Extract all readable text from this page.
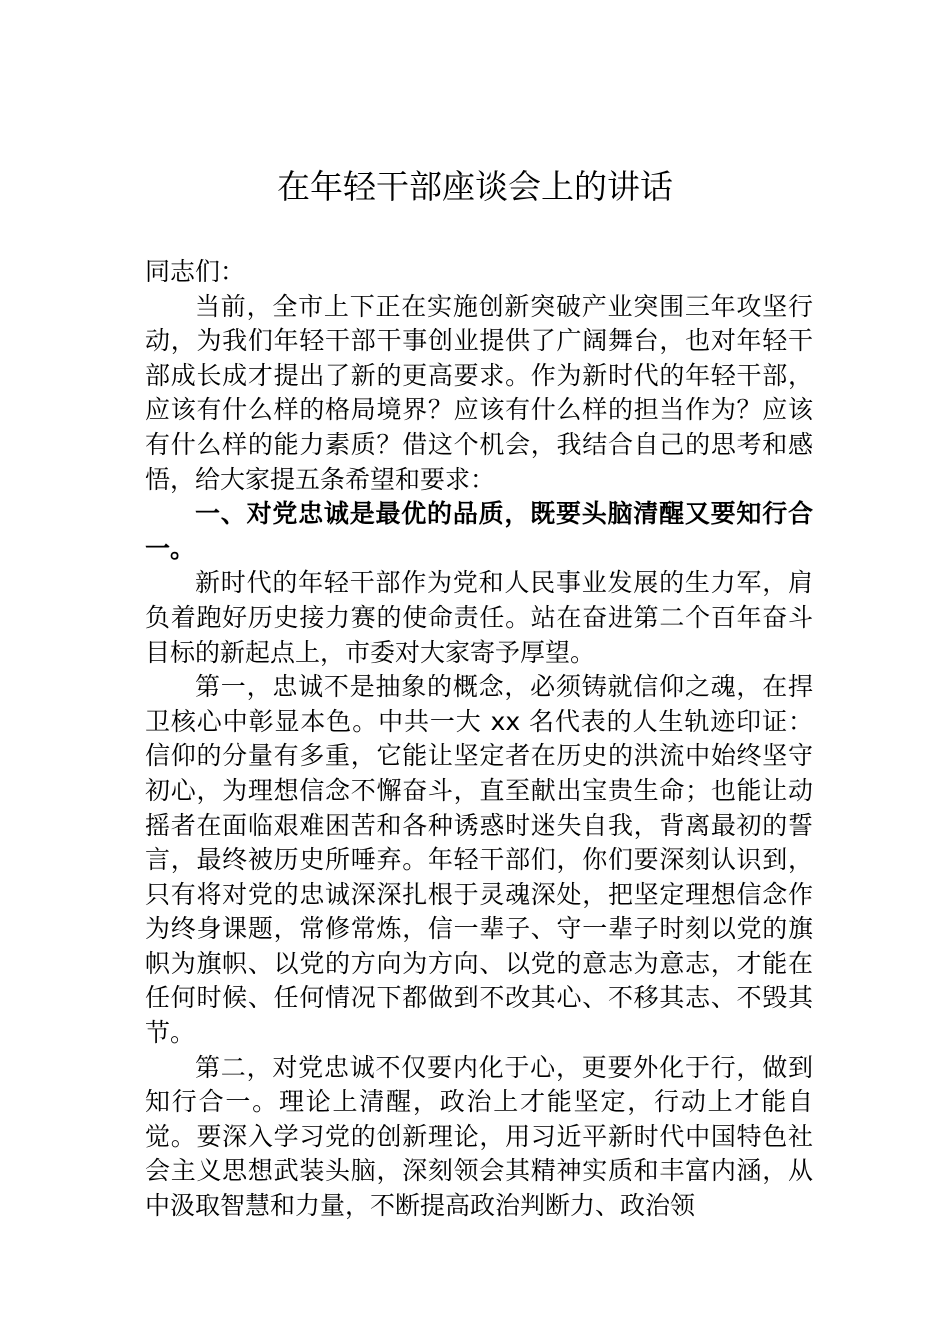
在年轻干部座谈会上的讲话

同志们：

当前，全市上下正在实施创新突破产业突围三年攻坚行动，为我们年轻干部干事创业提供了广阔舞台，也对年轻干部成长成才提出了新的更高要求。作为新时代的年轻干部，应该有什么样的格局境界？应该有什么样的担当作为？应该有什么样的能力素质？借这个机会，我结合自己的思考和感悟，给大家提五条希望和要求：

一、对党忠诚是最优的品质，既要头脑清醒又要知行合一。

新时代的年轻干部作为党和人民事业发展的生力军，肩负着跑好历史接力赛的使命责任。站在奋进第二个百年奋斗目标的新起点上，市委对大家寄予厚望。

第一，忠诚不是抽象的概念，必须铸就信仰之魂，在捍卫核心中彰显本色。中共一大 xx 名代表的人生轨迹印证：信仰的分量有多重，它能让坚定者在历史的洪流中始终坚守初心，为理想信念不懈奋斗，直至献出宝贵生命；也能让动摇者在面临艰难困苦和各种诱惑时迷失自我，背离最初的誓言，最终被历史所唾弃。年轻干部们，你们要深刻认识到，只有将对党的忠诚深深扎根于灵魂深处，把坚定理想信念作为终身课题，常修常炼，信一辈子、守一辈子时刻以党的旗帜为旗帜、以党的方向为方向、以党的意志为意志，才能在任何时候、任何情况下都做到不改其心、不移其志、不毁其节。

第二，对党忠诚不仅要内化于心，更要外化于行，做到知行合一。理论上清醒，政治上才能坚定，行动上才能自觉。要深入学习党的创新理论，用习近平新时代中国特色社会主义思想武装头脑，深刻领会其精神实质和丰富内涵，从中汲取智慧和力量，不断提高政治判断力、政治领
